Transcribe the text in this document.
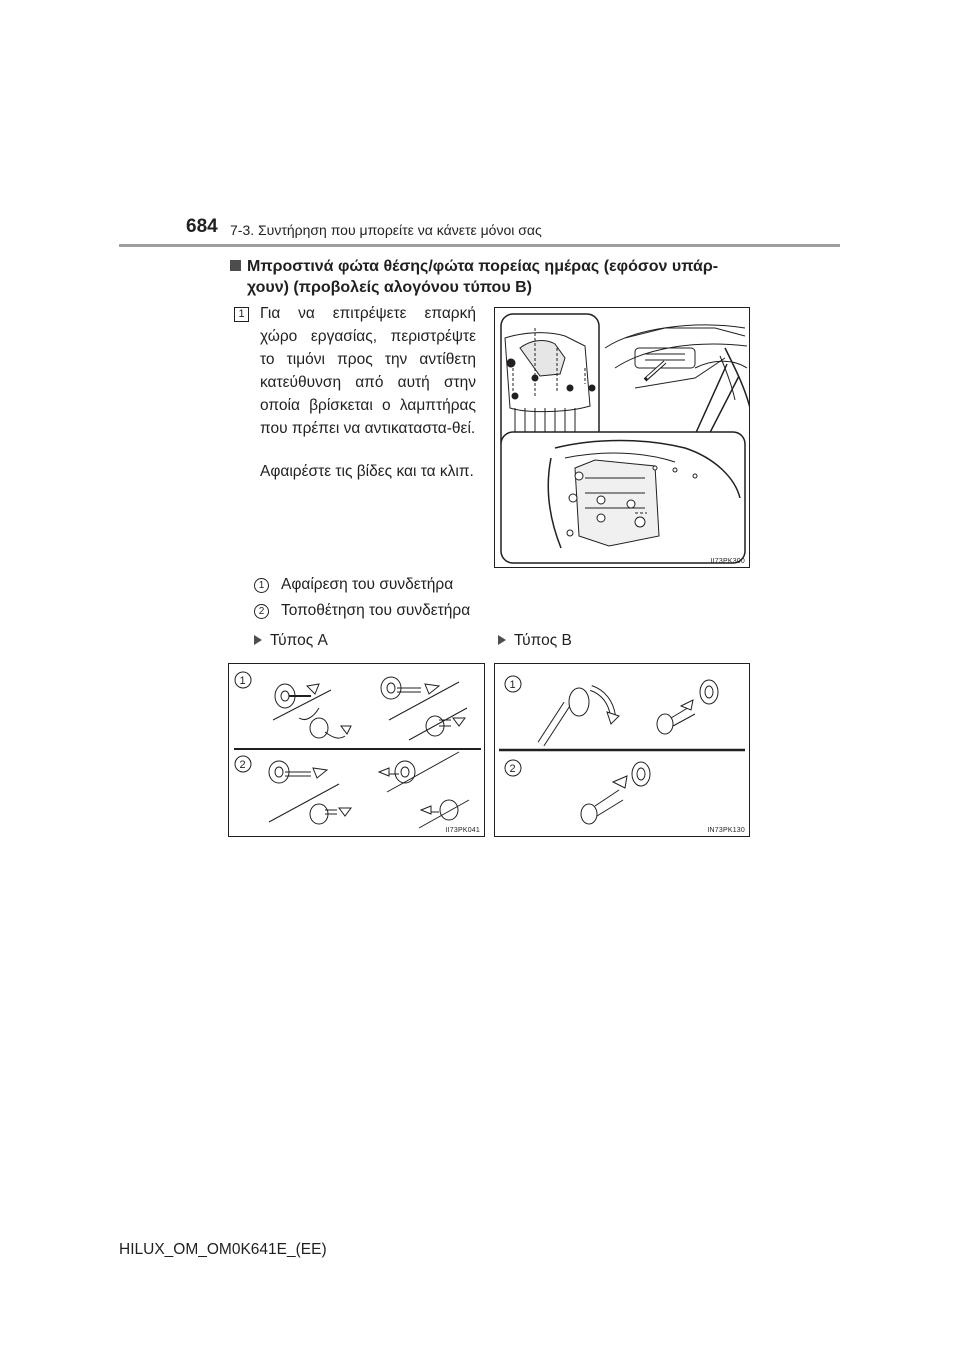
684 7-3. Συντήρηση που μπορείτε να κάνετε μόνοι σας
Μπροστινά φώτα θέσης/φώτα πορείας ημέρας (εφόσον υπάρ-
χουν) (προβολείς αλογόνου τύπου B)
1 Για να επιτρέψετε επαρκή χώρο εργασίας, περιστρέψτε το τιμόνι προς την αντίθετη κατεύθυνση από αυτή στην οποία βρίσκεται ο λαμπτήρας που πρέπει να αντικαταστα-θεί.
Αφαιρέστε τις βίδες και τα κλιπ.
II73PK300
1 Αφαίρεση του συνδετήρα
2 Τοποθέτηση του συνδετήρα
Τύπος A	Τύπος B
1
2
II73PK041
1
2
IN73PK130
HILUX_OM_OM0K641E_(EE)
